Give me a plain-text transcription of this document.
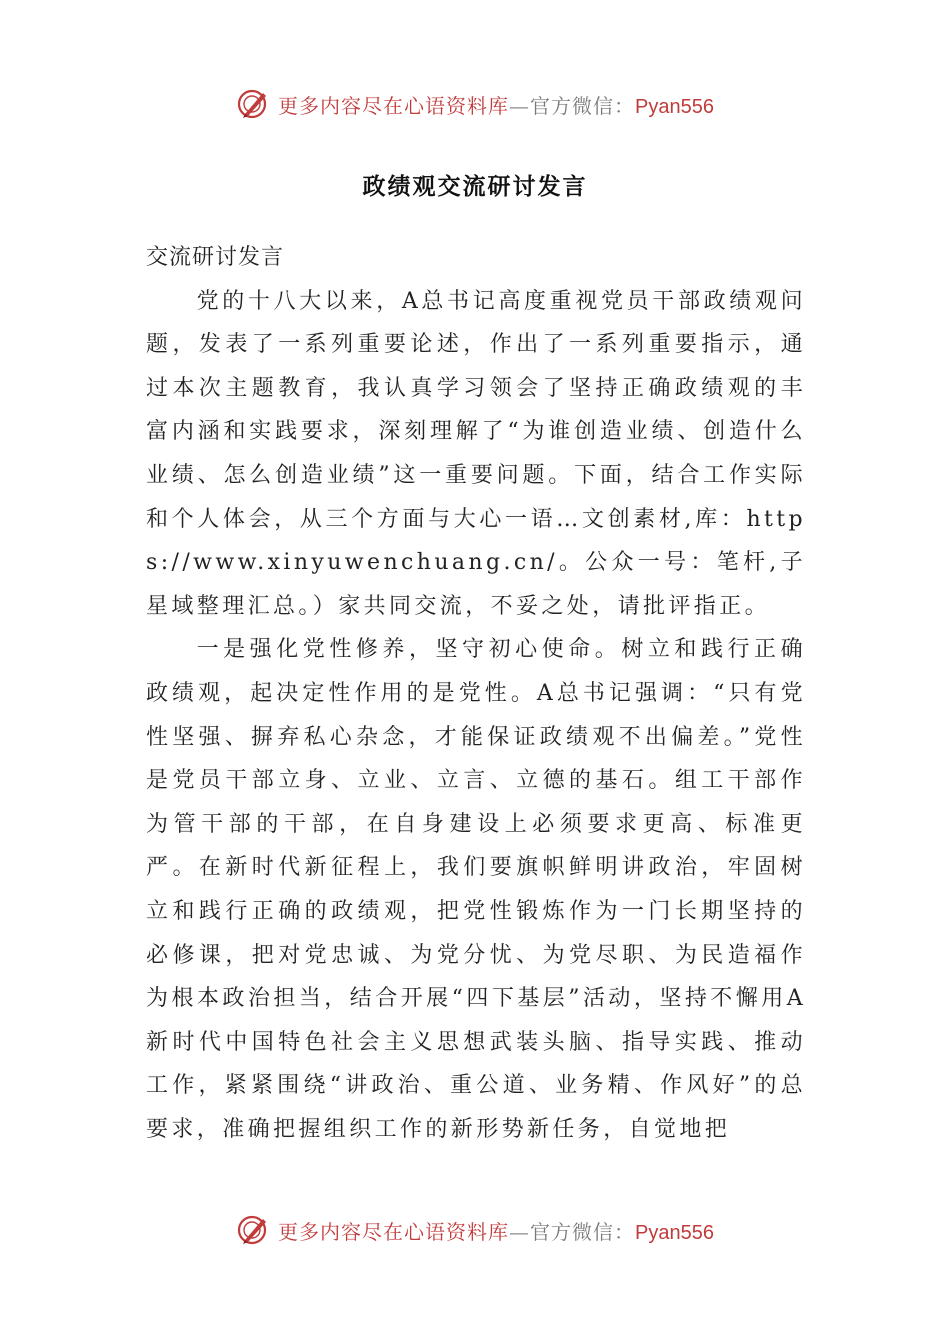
更多内容尽在心语资料库—官方微信：Pyan556
政绩观交流研讨发言

交流研讨发言

党的十八大以来，A总书记高度重视党员干部政绩观问题，发表了一系列重要论述，作出了一系列重要指示，通过本次主题教育，我认真学习领会了坚持正确政绩观的丰富内涵和实践要求，深刻理解了“为谁创造业绩、创造什么业绩、怎么创造业绩”这一重要问题。下面，结合工作实际和个人体会，从三个方面与大心一语…文创素材,库：https://www.xinyuwenchuang.cn/。公众一号：笔杆,子星域整理汇总。）家共同交流，不妥之处，请批评指正。

一是强化党性修养，坚守初心使命。树立和践行正确政绩观，起决定性作用的是党性。A总书记强调：“只有党性坚强、摒弃私心杂念，才能保证政绩观不出偏差。”党性是党员干部立身、立业、立言、立德的基石。组工干部作为管干部的干部，在自身建设上必须要求更高、标准更严。在新时代新征程上，我们要旗帜鲜明讲政治，牢固树立和践行正确的政绩观，把党性锻炼作为一门长期坚持的必修课，把对党忠诚、为党分忧、为党尽职、为民造福作为根本政治担当，结合开展“四下基层”活动，坚持不懈用A新时代中国特色社会主义思想武装头脑、指导实践、推动工作，紧紧围绕“讲政治、重公道、业务精、作风好”的总要求，准确把握组织工作的新形势新任务，自觉地把

更多内容尽在心语资料库—官方微信：Pyan556
